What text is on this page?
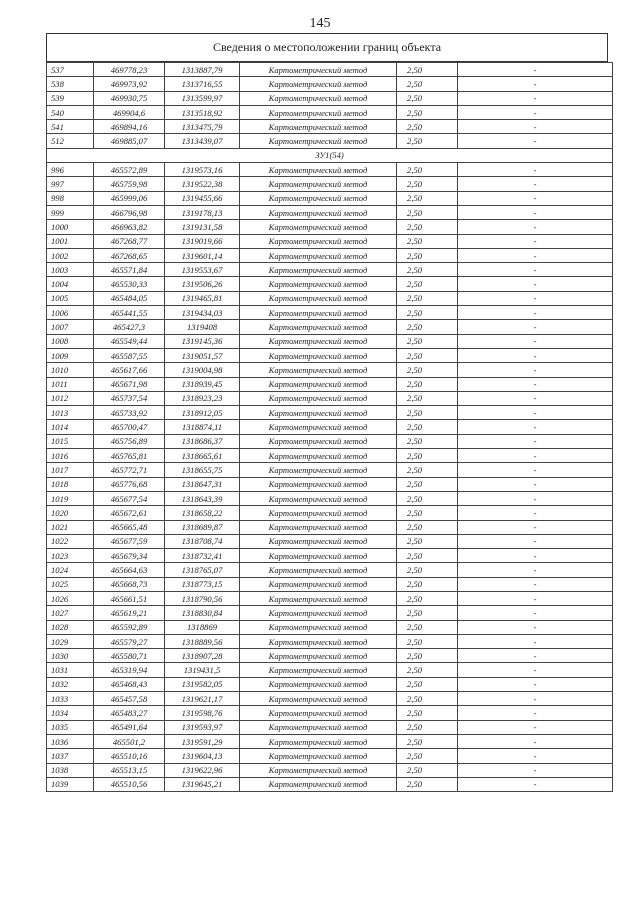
145
Сведения о местоположении границ объекта
537	469778,23	1313887,79	Картометрический метод	2,50	-
538	469973,92	1313716,55	Картометрический метод	2,50	-
539	469930,75	1313599,97	Картометрический метод	2,50	-
540	469904,6	1313518,92	Картометрический метод	2,50	-
541	469894,16	1313475,79	Картометрический метод	2,50	-
512	469885,07	1313439,07	Картометрический метод	2,50	-
ЗУ1(54)					
996	465572,89	1319573,16	Картометрический метод	2,50	-
997	465759,98	1319522,38	Картометрический метод	2,50	-
998	465999,06	1319455,66	Картометрический метод	2,50	-
999	466796,98	1319178,13	Картометрический метод	2,50	-
1000	466963,82	1319131,58	Картометрический метод	2,50	-
1001	467268,77	1319019,66	Картометрический метод	2,50	-
1002	467268,65	1319601,14	Картометрический метод	2,50	-
1003	465571,84	1319553,67	Картометрический метод	2,50	-
1004	465530,33	1319506,26	Картометрический метод	2,50	-
1005	465484,05	1319465,81	Картометрический метод	2,50	-
1006	465441,55	1319434,03	Картометрический метод	2,50	-
1007	465427,3	1319408	Картометрический метод	2,50	-
1008	465549,44	1319145,36	Картометрический метод	2,50	-
1009	465587,55	1319051,57	Картометрический метод	2,50	-
1010	465617,66	1319004,98	Картометрический метод	2,50	-
1011	465671,98	1318939,45	Картометрический метод	2,50	-
1012	465737,54	1318923,23	Картометрический метод	2,50	-
1013	465733,92	1318912,05	Картометрический метод	2,50	-
1014	465700,47	1318874,11	Картометрический метод	2,50	-
1015	465756,89	1318686,37	Картометрический метод	2,50	-
1016	465765,81	1318665,61	Картометрический метод	2,50	-
1017	465772,71	1318655,75	Картометрический метод	2,50	-
1018	465776,68	1318647,31	Картометрический метод	2,50	-
1019	465677,54	1318643,39	Картометрический метод	2,50	-
1020	465672,61	1318658,22	Картометрический метод	2,50	-
1021	465665,48	1318689,87	Картометрический метод	2,50	-
1022	465677,59	1318708,74	Картометрический метод	2,50	-
1023	465679,34	1318732,41	Картометрический метод	2,50	-
1024	465664,63	1318765,07	Картометрический метод	2,50	-
1025	465668,73	1318773,15	Картометрический метод	2,50	-
1026	465661,51	1318790,56	Картометрический метод	2,50	-
1027	465619,21	1318830,84	Картометрический метод	2,50	-
1028	465592,89	1318869	Картометрический метод	2,50	-
1029	465579,27	1318889,56	Картометрический метод	2,50	-
1030	465580,71	1318907,28	Картометрический метод	2,50	-
1031	465319,94	1319431,5	Картометрический метод	2,50	-
1032	465468,43	1319582,05	Картометрический метод	2,50	-
1033	465457,58	1319621,17	Картометрический метод	2,50	-
1034	465483,27	1319598,76	Картометрический метод	2,50	-
1035	465491,64	1319593,97	Картометрический метод	2,50	-
1036	465501,2	1319591,29	Картометрический метод	2,50	-
1037	465510,16	1319604,13	Картометрический метод	2,50	-
1038	465513,15	1319622,96	Картометрический метод	2,50	-
1039	465510,56	1319645,21	Картометрический метод	2,50	-
